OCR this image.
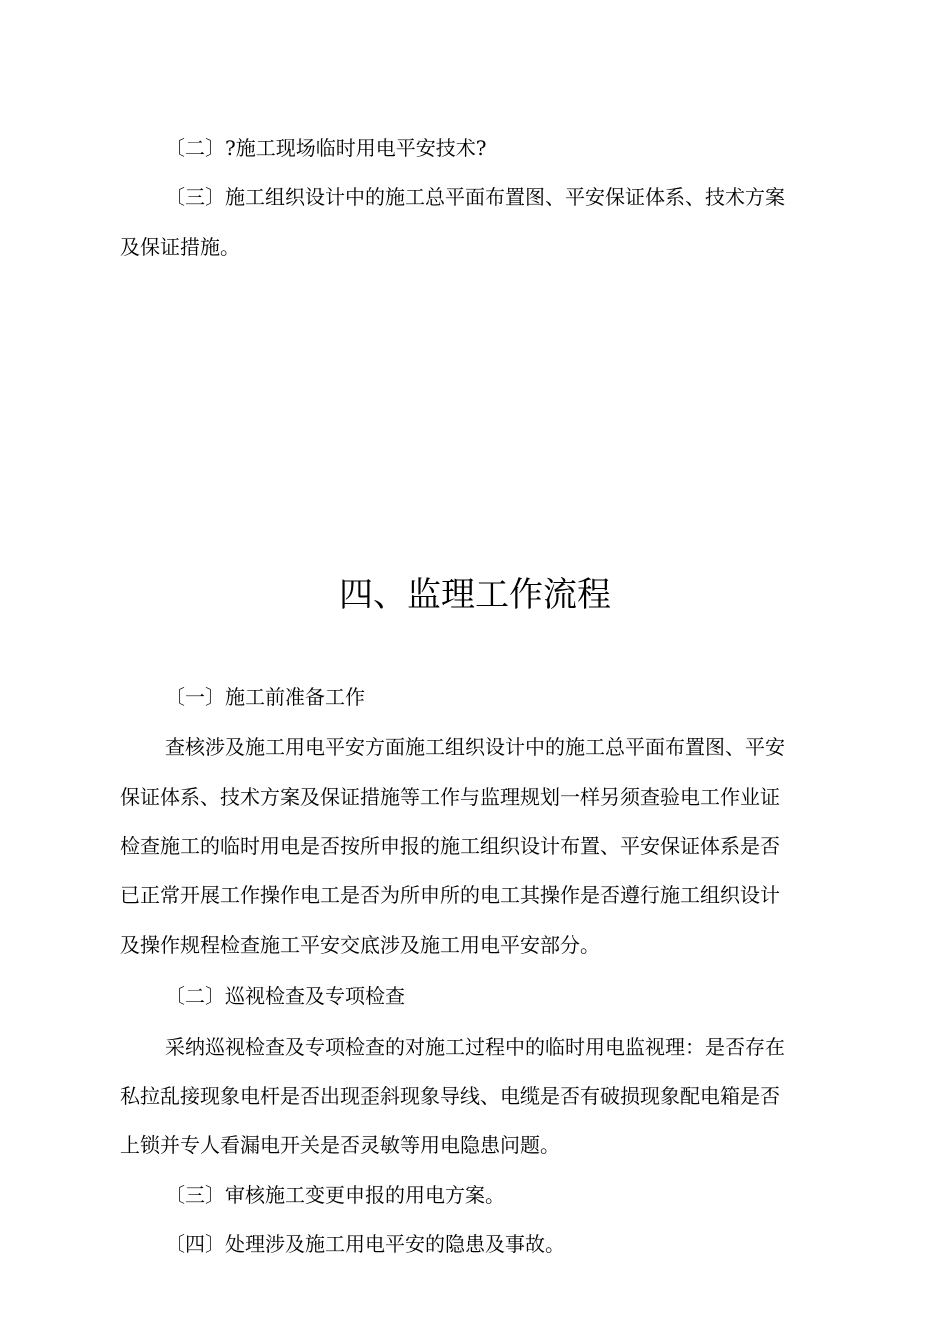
〔二〕?施工现场临时用电平安技术?
〔三〕施工组织设计中的施工总平面布置图、平安保证体系、技术方案
及保证措施。
四、监理工作流程
〔一〕施工前准备工作
查核涉及施工用电平安方面施工组织设计中的施工总平面布置图、平安
保证体系、技术方案及保证措施等工作与监理规划一样另须查验电工作业证
检查施工的临时用电是否按所申报的施工组织设计布置、平安保证体系是否
已正常开展工作操作电工是否为所申所的电工其操作是否遵行施工组织设计
及操作规程检查施工平安交底涉及施工用电平安部分。
〔二〕巡视检查及专项检查
采纳巡视检查及专项检查的对施工过程中的临时用电监视理：是否存在
私拉乱接现象电杆是否出现歪斜现象导线、电缆是否有破损现象配电箱是否
上锁并专人看漏电开关是否灵敏等用电隐患问题。
〔三〕审核施工变更申报的用电方案。
〔四〕处理涉及施工用电平安的隐患及事故。
